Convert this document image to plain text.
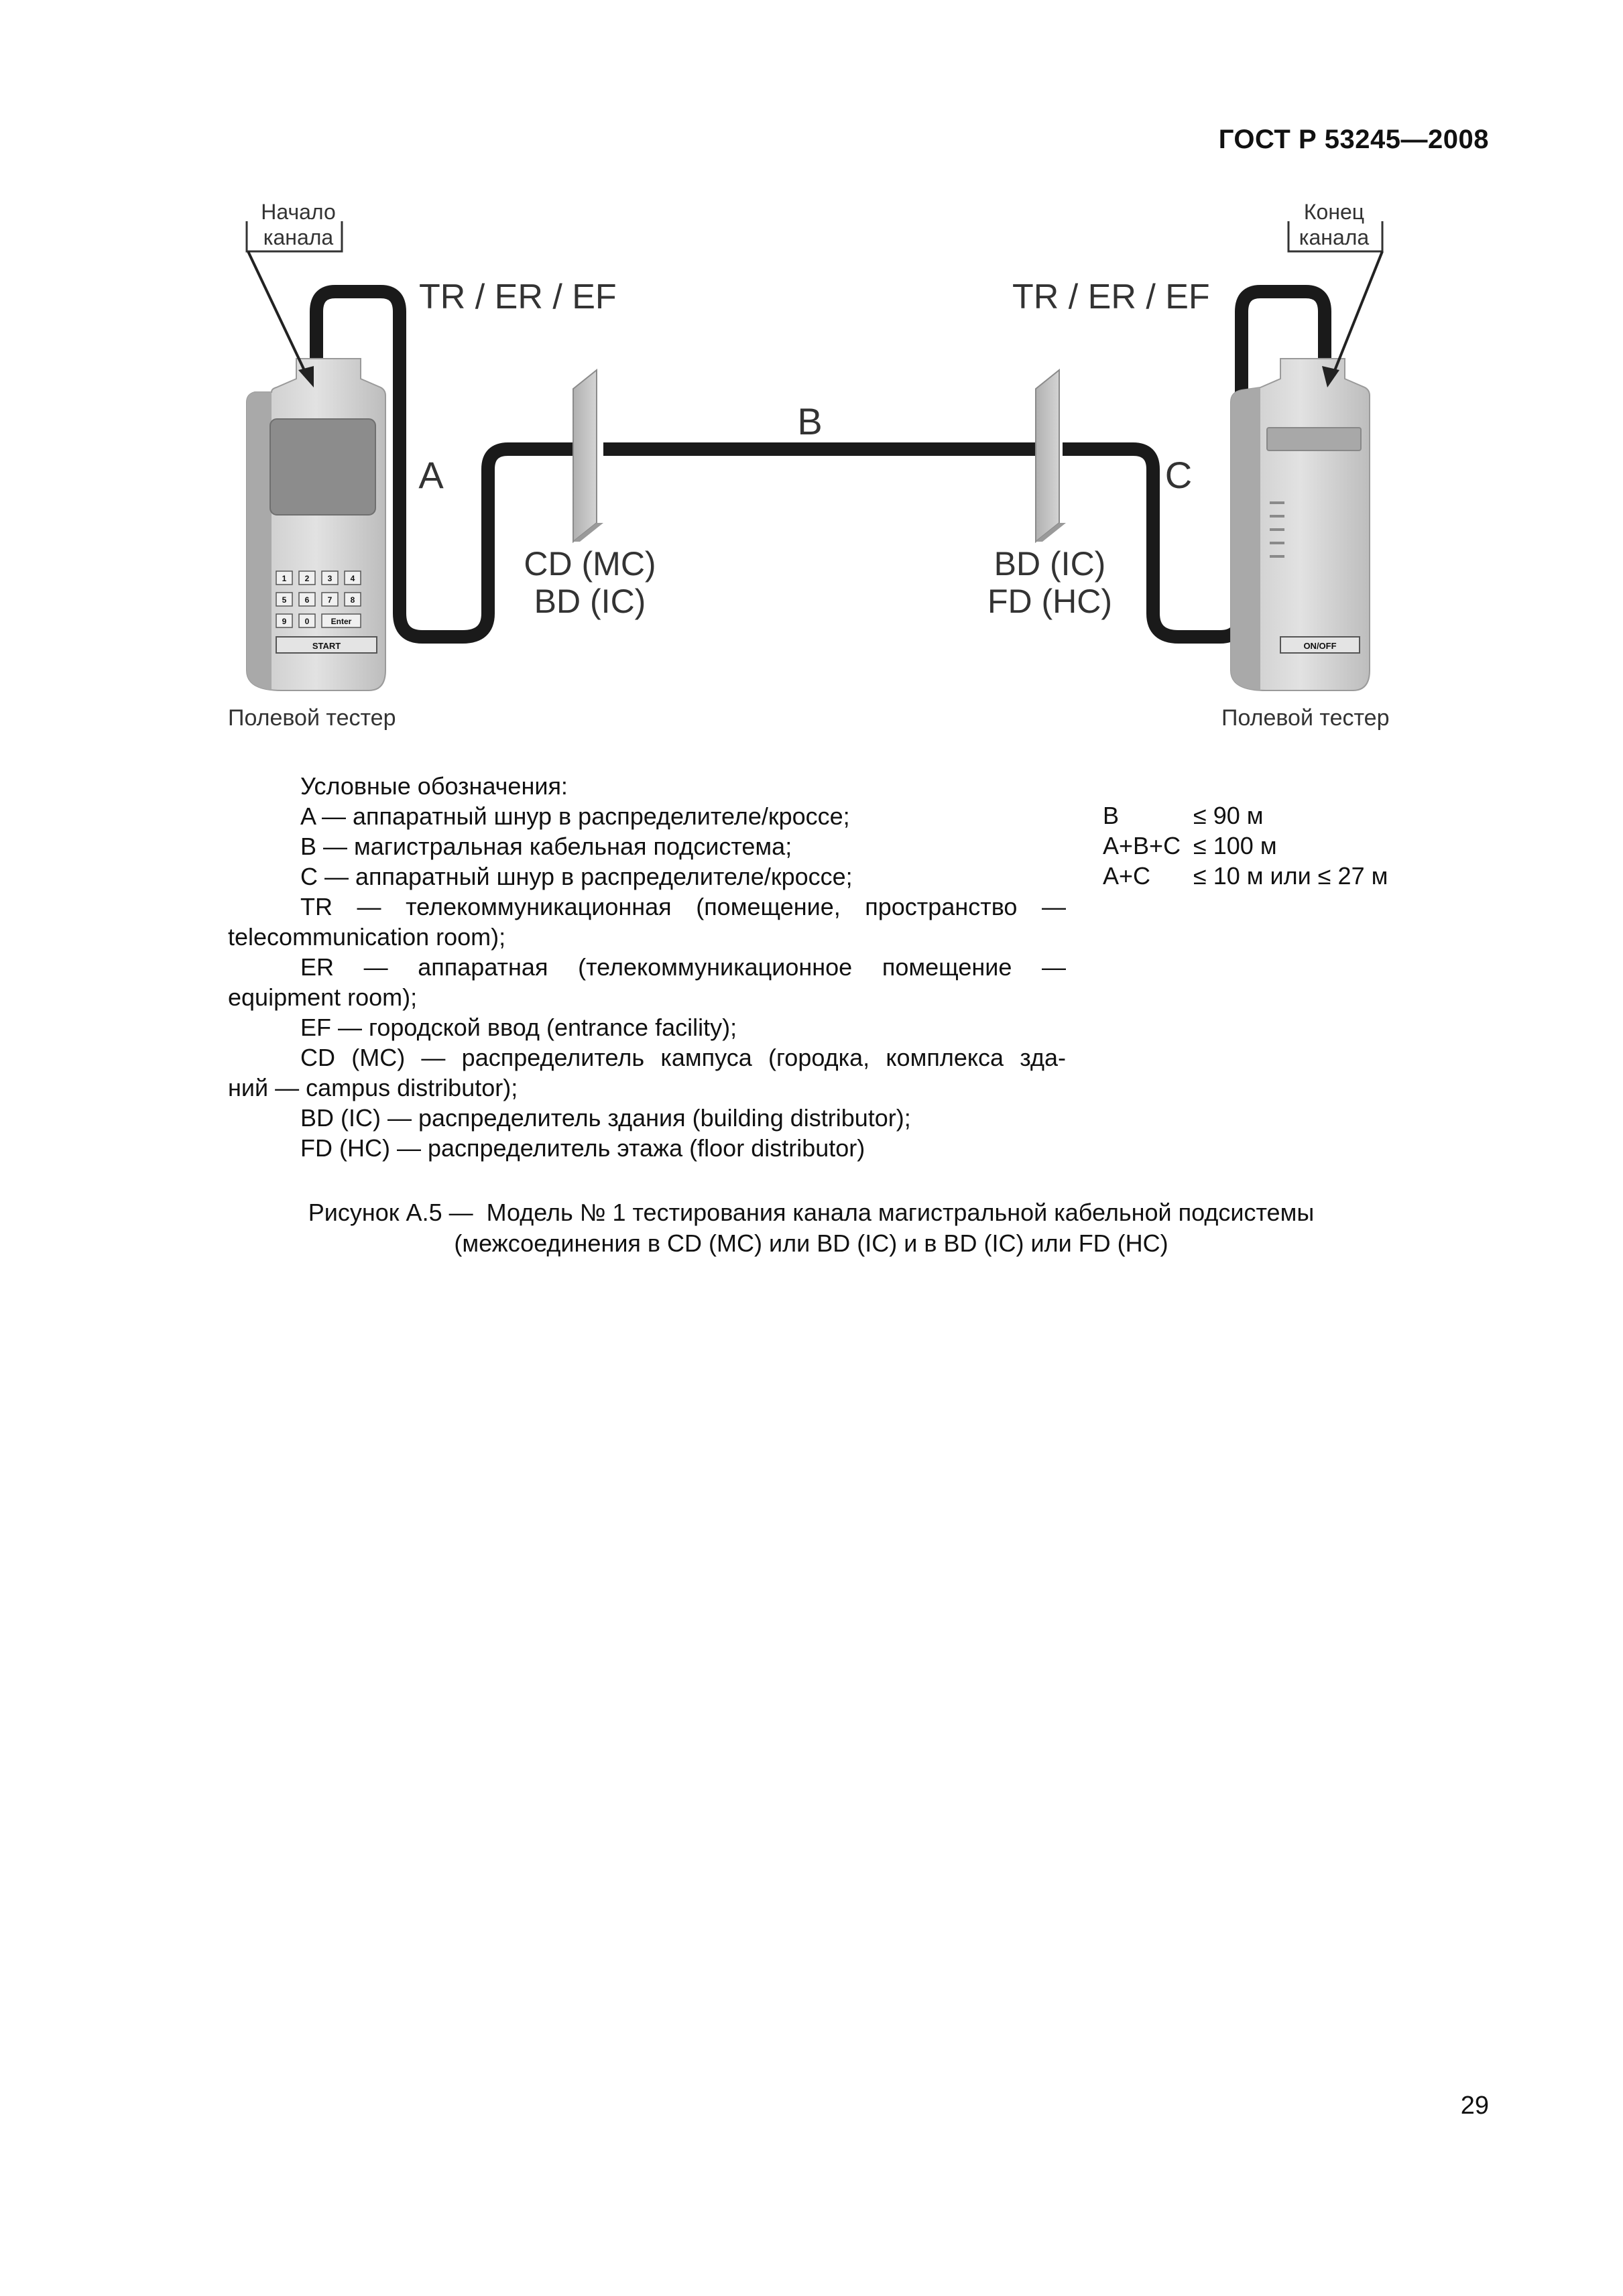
ГОСТ Р 53245—2008
1 2 3 4
5 6 7 8
9 0	Enter
START	ON/OFF
Начало
канала
Конец
канала
TR / ER / EF	TR / ER / EF
A
B
C
CD (MC)
BD (IC)
BD (IC)
FD (HC)
Полевой тестер	Полевой тестер
Условные обозначения:
A — аппаратный шнур в распределителе/кроссе;
B — магистральная кабельная подсистема;
C — аппаратный шнур в распределителе/кроссе;
TR — телекоммуникационная (помещение, пространство —
telecommunication room);
ER — аппаратная (телекоммуникационное помещение —
equipment room);
EF — городской ввод (entrance facility);
CD (MC) — распределитель кампуса (городка, комплекса зда-
ний — campus distributor);
BD (IC) — распределитель здания (building distributor);
FD (HC) — распределитель этажа (floor distributor)
B	≤ 90 м
A+B+C ≤ 100 м
A+C	≤ 10 м или ≤ 27 м
Рисунок А.5 —  Модель № 1 тестирования канала магистральной кабельной подсистемы
(межсоединения в CD (MC) или BD (IC) и в BD (IC) или FD (HC)
29
